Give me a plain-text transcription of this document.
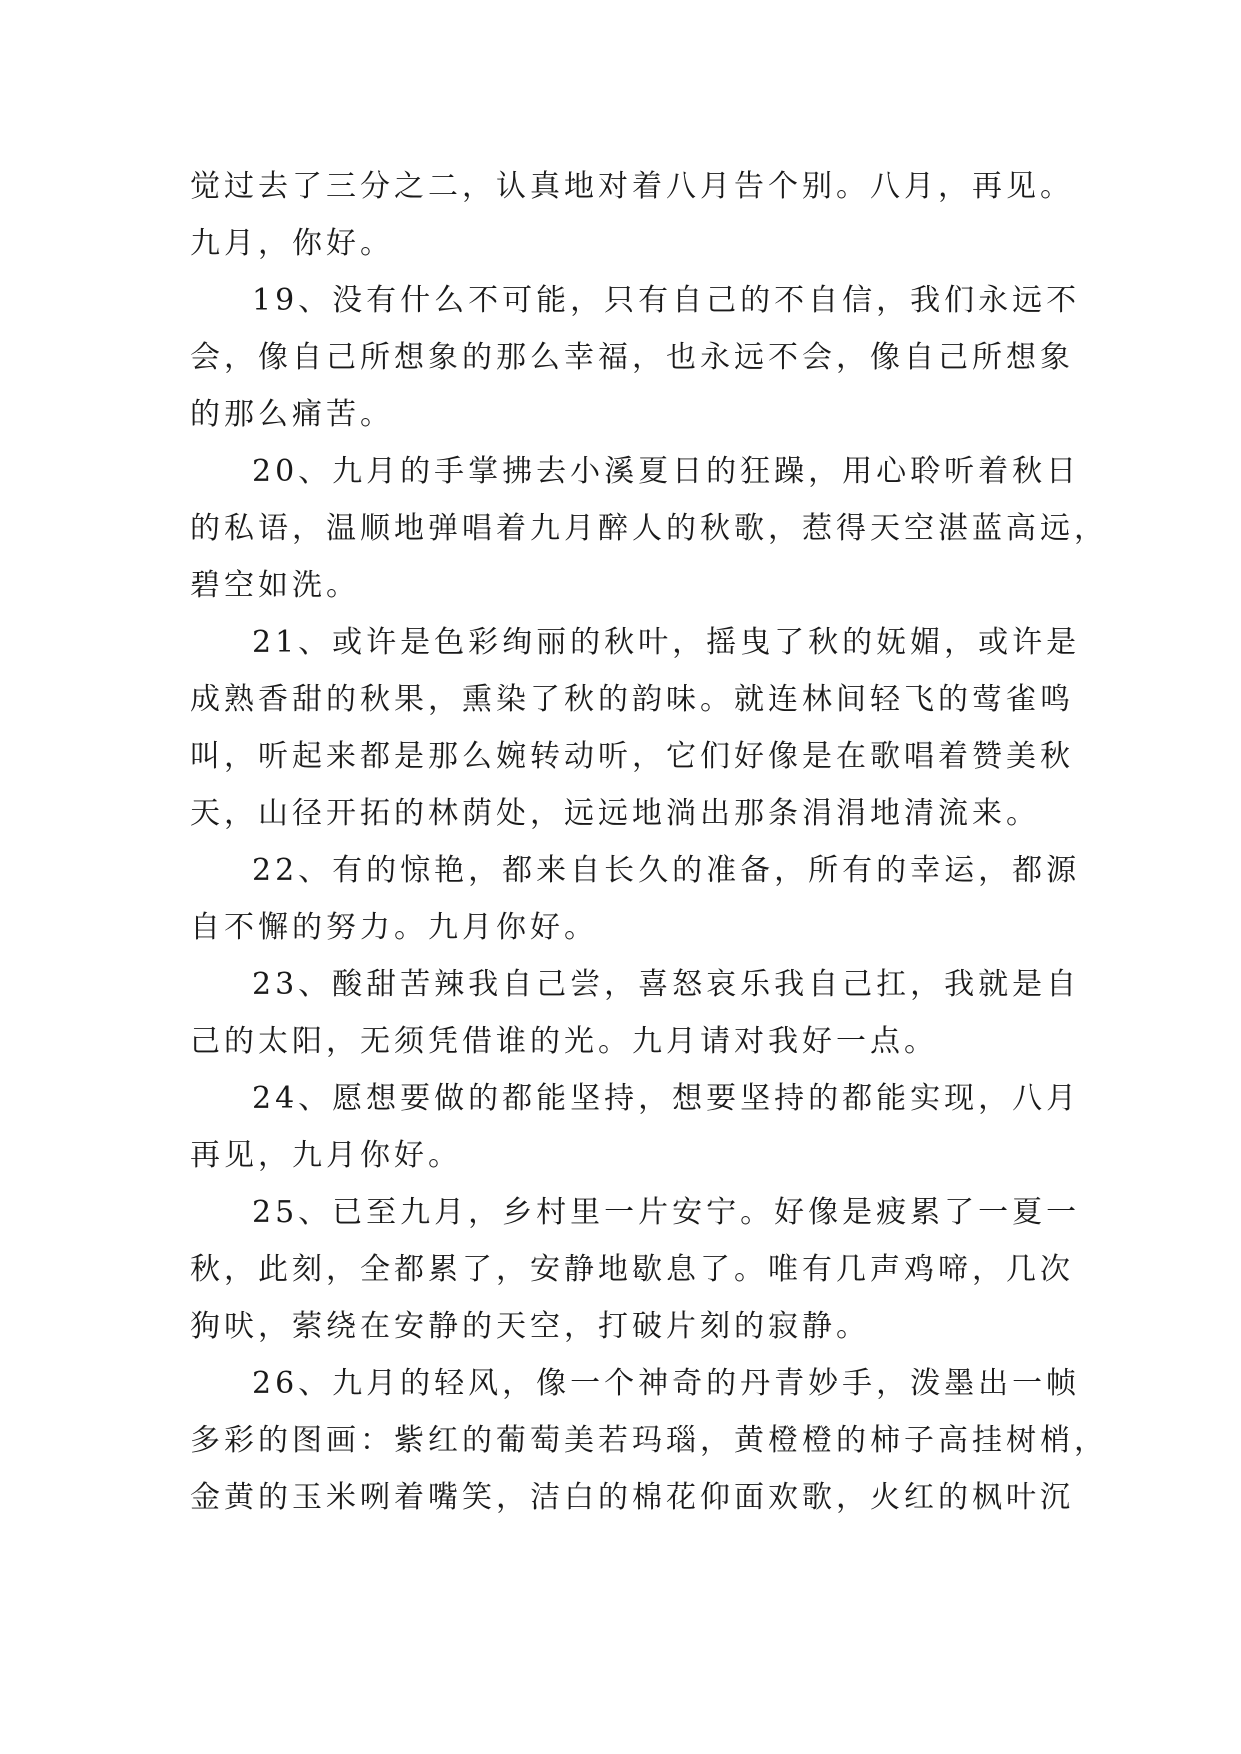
觉过去了三分之二，认真地对着八月告个别。八月，再见。
九月，你好。
19、没有什么不可能，只有自己的不自信，我们永远不
会，像自己所想象的那么幸福，也永远不会，像自己所想象
的那么痛苦。
20、九月的手掌拂去小溪夏日的狂躁，用心聆听着秋日
的私语，温顺地弹唱着九月醉人的秋歌，惹得天空湛蓝高远，
碧空如洗。
21、或许是色彩绚丽的秋叶，摇曳了秋的妩媚，或许是
成熟香甜的秋果，熏染了秋的韵味。就连林间轻飞的莺雀鸣
叫，听起来都是那么婉转动听，它们好像是在歌唱着赞美秋
天，山径开拓的林荫处，远远地淌出那条涓涓地清流来。
22、有的惊艳，都来自长久的准备，所有的幸运，都源
自不懈的努力。九月你好。
23、酸甜苦辣我自己尝，喜怒哀乐我自己扛，我就是自
己的太阳，无须凭借谁的光。九月请对我好一点。
24、愿想要做的都能坚持，想要坚持的都能实现，八月
再见，九月你好。
25、已至九月，乡村里一片安宁。好像是疲累了一夏一
秋，此刻，全都累了，安静地歇息了。唯有几声鸡啼，几次
狗吠，萦绕在安静的天空，打破片刻的寂静。
26、九月的轻风，像一个神奇的丹青妙手，泼墨出一帧
多彩的图画：紫红的葡萄美若玛瑙，黄橙橙的柿子高挂树梢，
金黄的玉米咧着嘴笑，洁白的棉花仰面欢歌，火红的枫叶沉
